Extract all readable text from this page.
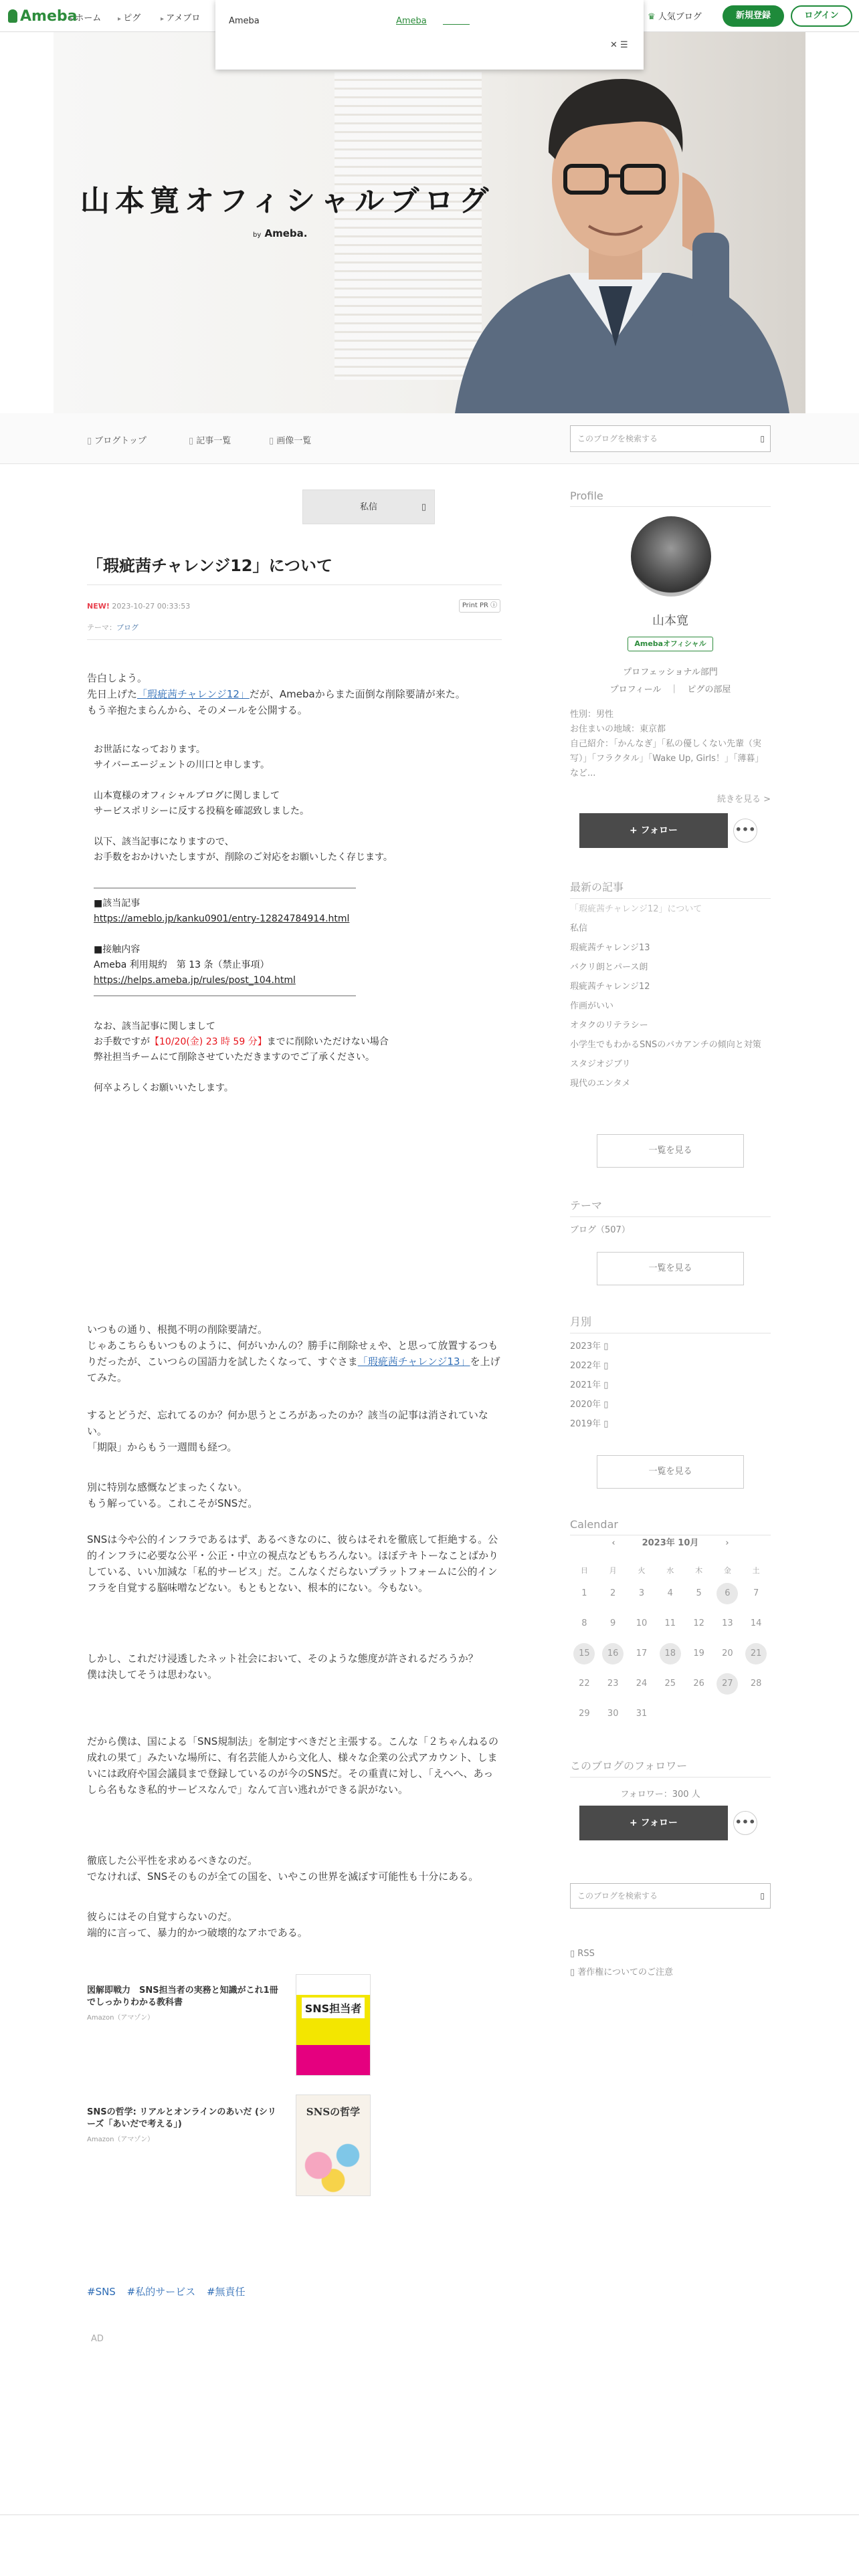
Ameba
▸ ホーム	▸ ピグ	▸ アメブロ	♛ 人気ブログ	新規登録	ログイン
Ameba	Ameba
✕ ☰
山本寛オフィシャルブログ
by Ameba.
▯ ブログトップ	▯ 記事一覧	▯ 画像一覧	このブログを検索する	▯
私信	▯
「瑕疵茜チャレンジ12」について
NEW! 2023-10-27 00:33:53	Print PR ⓘ
テーマ：ブログ

告白しよう。

先日上げた「瑕疵茜チャレンジ12」だが、Amebaからまた面倒な削除要請が来た。

もう辛抱たまらんから、そのメールを公開する。

お世話になっております。
サイバーエージェントの川口と申します。
山本寛様のオフィシャルブログに関しまして
サービスポリシーに反する投稿を確認致しました。
以下、該当記事になりますので、
お手数をおかけいたしますが、削除のご対応をお願いしたく存じます。
――――――――――――――――――――――――――――
■該当記事
https://ameblo.jp/kanku0901/entry-12824784914.html
■接触内容
Ameba 利用規約　第 13 条（禁止事項）
https://helps.ameba.jp/rules/post_104.html
――――――――――――――――――――――――――――
なお、該当記事に関しまして
お手数ですが【10/20(金) 23 時 59 分】までに削除いただけない場合
弊社担当チームにて削除させていただきますのでご了承ください。
何卒よろしくお願いいたします。

いつもの通り、根拠不明の削除要請だ。

じゃあこちらもいつものように、何がいかんの？勝手に削除せぇや、と思って放置するつもりだったが、こいつらの国語力を試したくなって、すぐさま「瑕疵茜チャレンジ13」を上げてみた。

するとどうだ、忘れてるのか？何か思うところがあったのか？該当の記事は消されていない。

「期限」からもう一週間も経つ。

別に特別な感慨などまったくない。

もう解っている。これこそがSNSだ。

SNSは今や公的インフラであるはず、あるべきなのに、彼らはそれを徹底して拒絶する。公的インフラに必要な公平・公正・中立の視点などもちろんない。ほぼテキトーなことばかりしている、いい加減な「私的サービス」だ。こんなくだらないプラットフォームに公的インフラを自覚する脳味噌などない。もともとない、根本的にない。今もない。

しかし、これだけ浸透したネット社会において、そのような態度が許されるだろうか？

僕は決してそうは思わない。

だから僕は、国による「SNS規制法」を制定すべきだと主張する。こんな「２ちゃんねるの成れの果て」みたいな場所に、有名芸能人から文化人、様々な企業の公式アカウント、しまいには政府や国会議員まで登録しているのが今のSNSだ。その重責に対し、「えへへ、あっしら名もなき私的サービスなんで」なんて言い逃れができる訳がない。

徹底した公平性を求めるべきなのだ。

でなければ、SNSそのものが全ての国を、いやこの世界を滅ぼす可能性も十分にある。

彼らにはその自覚すらないのだ。

端的に言って、暴力的かつ破壊的なアホである。

図解即戦力　SNS担当者の実務と知識がこれ1冊でしっかりわかる教科書
Amazon（アマゾン）
SNS担当者
SNSの哲学: リアルとオンラインのあいだ (シリーズ「あいだで考える」)
Amazon（アマゾン）
SNSの哲学
#SNS #私的サービス #無責任
AD
Profile
山本寛
Amebaオフィシャル
プロフェッショナル部門
プロフィール　｜　ピグの部屋
性別：男性
お住まいの地域：東京都
自己紹介：「かんなぎ」「私の優しくない先輩（実写）」「フラクタル」「Wake Up, Girls！」「薄暮」など...
続きを見る >
+ フォロー	•••
最新の記事
「瑕疵茜チャレンジ12」について
私信
瑕疵茜チャレンジ13
バクリ朗とパース朗
瑕疵茜チャレンジ12
作画がいい
オタクのリテラシー
小学生でもわかるSNSのバカアンチの傾向と対策
スタジオジブリ
現代のエンタメ
一覧を見る
テーマ
ブログ（507）
一覧を見る
月別
2023年 ▯
2022年 ▯
2021年 ▯
2020年 ▯
2019年 ▯
一覧を見る
Calendar
‹	2023年 10月	›
日	月	火	水	木	金	土
1	2	3	4	5	6	7
8	9	10	11	12	13	14
15	16	17	18	19	20	21
22	23	24	25	26	27	28
29	30	31
このブログのフォロワー
フォロワー：300 人
+ フォロー	•••
このブログを検索する	▯
▯ RSS
▯ 著作権についてのご注意
